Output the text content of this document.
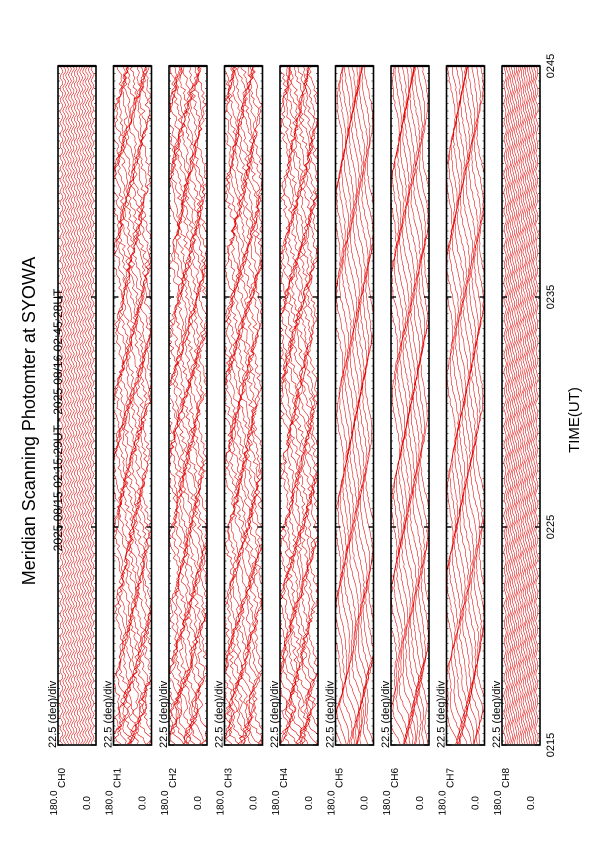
Meridian Scanning Photomter at SYOWA 2025 08/15 02:15:29UT - 2025 08/16 02:45:28UT	TIME(UT)
22.5 (deg)/div
CH0
180.0 0.0
22.5 (deg)/div
CH1
180.0 0.0
22.5 (deg)/div
CH2
180.0 0.0
22.5 (deg)/div
CH3
180.0 0.0
22.5 (deg)/div
CH4
180.0 0.0
22.5 (deg)/div
CH5
180.0 0.0
22.5 (deg)/div
CH6
180.0 0.0
22.5 (deg)/div
CH7
180.0 0.0
22.5 (deg)/div
CH8
180.0 0.0
0215
0225
0235
0245
